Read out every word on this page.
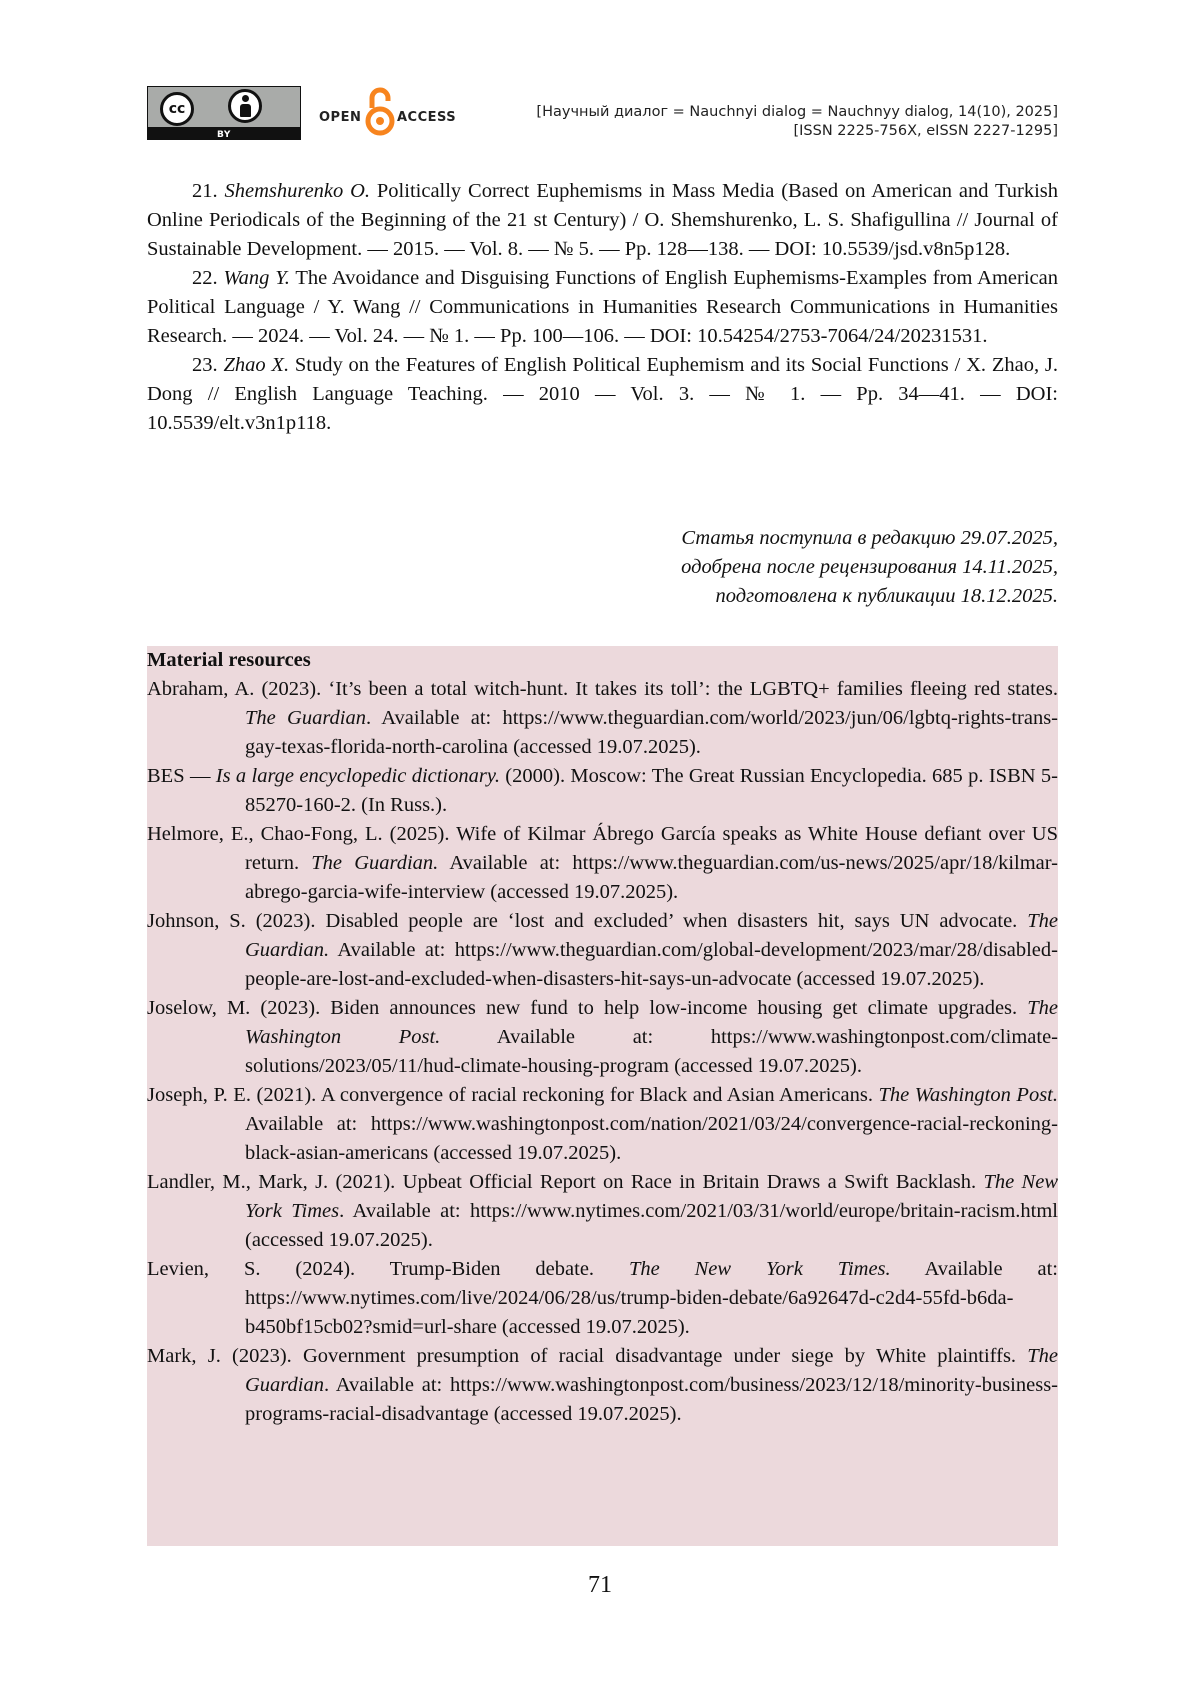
cc
BY
OPEN	ACCESS	[Научный диалог = Nauchnyi dialog = Nauchnyy dialog, 14(10), 2025]
[ISSN 2225-756X, eISSN 2227-1295]

21. Shemshurenko O. Politically Correct Euphemisms in Mass Media (Based on American and Turkish Online Periodicals of the Beginning of the 21 st Century) / O. Shemshurenko, L. S. Shafigullina // Journal of Sustainable Development. — 2015. — Vol. 8. — № 5. — Pp. 128—138. — DOI: 10.5539/jsd.v8n5p128.

22. Wang Y. The Avoidance and Disguising Functions of English Euphemisms-Examples from American Political Language / Y. Wang // Communications in Humanities Research Communications in Humanities Research. — 2024. — Vol. 24. — № 1. — Pp. 100—106. — DOI: 10.54254/2753-7064/24/20231531.

23. Zhao X. Study on the Features of English Political Euphemism and its Social Functions / X. Zhao, J. Dong // English Language Teaching. — 2010 — Vol. 3. — № 1. — Pp. 34—41. — DOI: 10.5539/elt.v3n1p118.

Статья поступила в редакцию 29.07.2025,
одобрена после рецензирования 14.11.2025,
подготовлена к публикации 18.12.2025.
Material resources

Abraham, A. (2023). ‘It’s been a total witch-hunt. It takes its toll’: the LGBTQ+ families fleeing red states. The Guardian. Available at: https://www.theguardian.com/world/2023/jun/06/lgbtq-rights-trans-gay-texas-florida-north-carolina (accessed 19.07.2025).

BES — Is a large encyclopedic dictionary. (2000). Moscow: The Great Russian Encyclopedia. 685 p. ISBN 5-85270-160-2. (In Russ.).

Helmore, E., Chao-Fong, L. (2025). Wife of Kilmar Ábrego García speaks as White House defiant over US return. The Guardian. Available at: https://www.theguardian.com/us-news/2025/apr/18/kilmar-abrego-garcia-wife-interview (accessed 19.07.2025).

Johnson, S. (2023). Disabled people are ‘lost and excluded’ when disasters hit, says UN advocate. The Guardian. Available at: https://www.theguardian.com/global-development/2023/mar/28/disabled-people-are-lost-and-excluded-when-disasters-hit-says-un-advocate (accessed 19.07.2025).

Joselow, M. (2023). Biden announces new fund to help low-income housing get climate upgrades. The Washington Post. Available at: https://www.washingtonpost.com/climate-solutions/2023/05/11/hud-climate-housing-program (accessed 19.07.2025).

Joseph, P. E. (2021). A convergence of racial reckoning for Black and Asian Americans. The Washington Post. Available at: https://www.washingtonpost.com/nation/2021/03/24/convergence-racial-reckoning-black-asian-americans (accessed 19.07.2025).

Landler, M., Mark, J. (2021). Upbeat Official Report on Race in Britain Draws a Swift Backlash. The New York Times. Available at: https://www.nytimes.com/2021/03/31/world/europe/britain-racism.html (accessed 19.07.2025).

Levien, S. (2024). Trump-Biden debate. The New York Times. Available at: https://www.nytimes.com/live/2024/06/28/us/trump-biden-debate/6a92647d-c2d4-55fd-b6da-b450bf15cb02?smid=url-share (accessed 19.07.2025).

Mark, J. (2023). Government presumption of racial disadvantage under siege by White plaintiffs. The Guardian. Available at: https://www.washingtonpost.com/business/2023/12/18/minority-business-programs-racial-disadvantage (accessed 19.07.2025).

71
